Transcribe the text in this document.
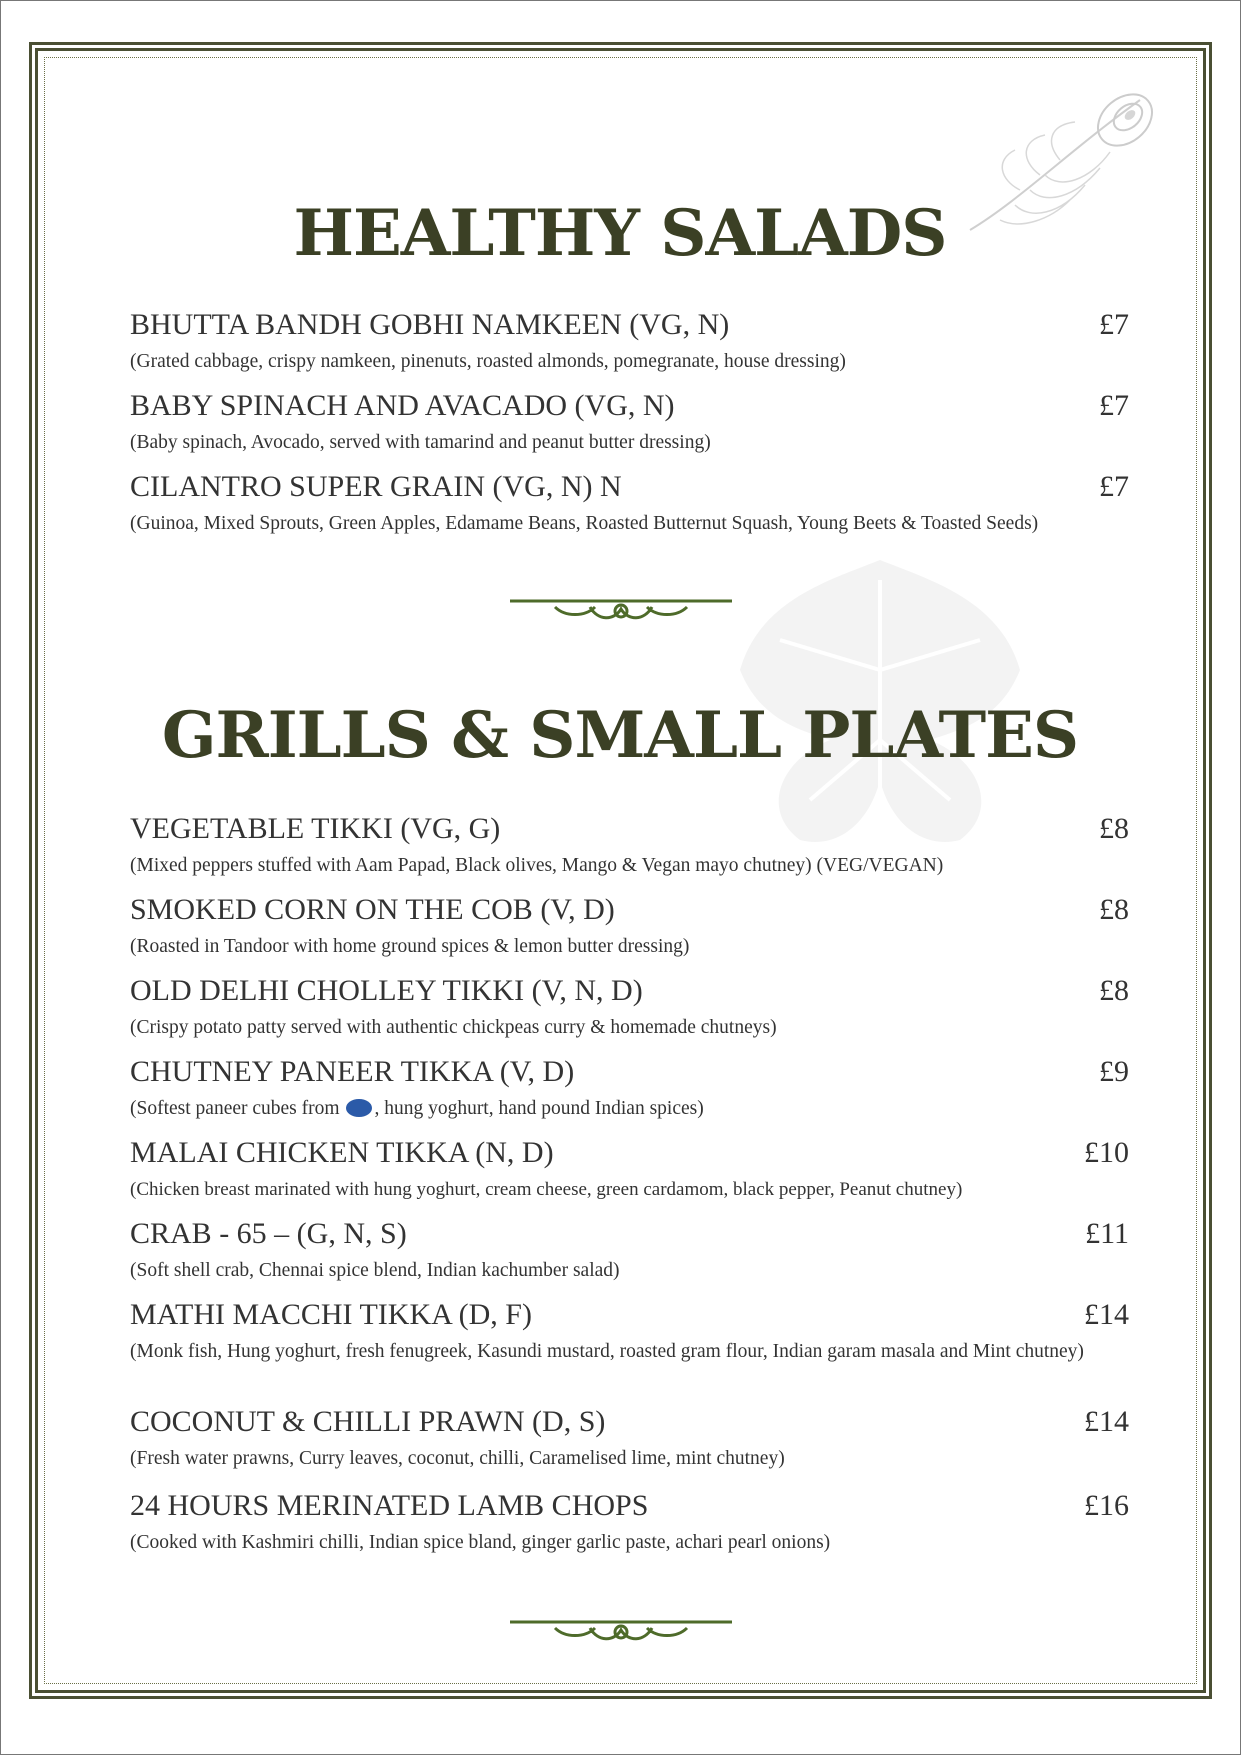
HEALTHY SALADS
BHUTTA BANDH GOBHI NAMKEEN (VG, N)	£7
(Grated cabbage, crispy namkeen, pinenuts, roasted almonds, pomegranate, house dressing)
BABY SPINACH AND AVACADO (VG, N)	£7
(Baby spinach, Avocado, served with tamarind and peanut butter dressing)
CILANTRO SUPER GRAIN (VG, N) N	£7
(Guinoa, Mixed Sprouts, Green Apples, Edamame Beans, Roasted Butternut Squash, Young Beets & Toasted Seeds)
GRILLS & SMALL PLATES
VEGETABLE TIKKI (VG, G)	£8
(Mixed peppers stuffed with Aam Papad, Black olives, Mango & Vegan mayo chutney) (VEG/VEGAN)
SMOKED CORN ON THE COB (V, D)	£8
(Roasted in Tandoor with home ground spices & lemon butter dressing)
OLD DELHI CHOLLEY TIKKI (V, N, D)	£8
(Crispy potato patty served with authentic chickpeas curry & homemade chutneys)
CHUTNEY PANEER TIKKA (V, D)	£9
(Softest paneer cubes from , hung yoghurt, hand pound Indian spices)
MALAI CHICKEN TIKKA (N, D)	£10
(Chicken breast marinated with hung yoghurt, cream cheese, green cardamom, black pepper, Peanut chutney)
CRAB - 65 – (G, N, S)	£11
(Soft shell crab, Chennai spice blend, Indian kachumber salad)
MATHI MACCHI TIKKA (D, F)	£14
(Monk fish, Hung yoghurt, fresh fenugreek, Kasundi mustard, roasted gram flour, Indian garam masala and Mint chutney)
COCONUT & CHILLI PRAWN (D, S)	£14
(Fresh water prawns, Curry leaves, coconut, chilli, Caramelised lime, mint chutney)
24 HOURS MERINATED LAMB CHOPS	£16
(Cooked with Kashmiri chilli, Indian spice bland, ginger garlic paste, achari pearl onions)
